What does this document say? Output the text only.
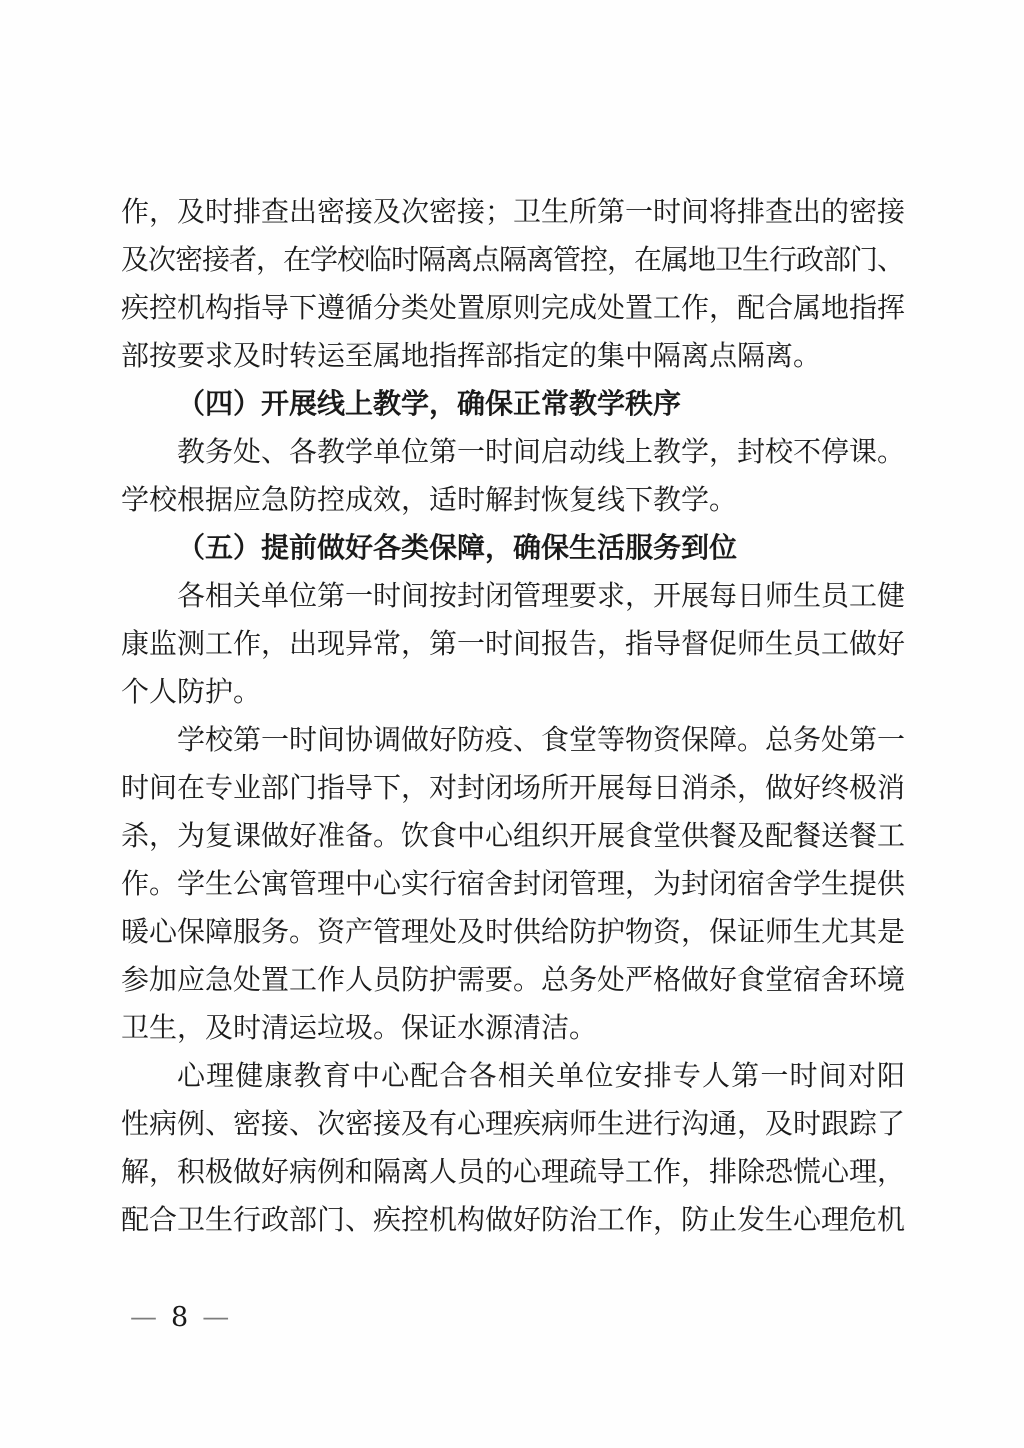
作，及时排查出密接及次密接；卫生所第一时间将排查出的密接
及次密接者，在学校临时隔离点隔离管控，在属地卫生行政部门、
疾控机构指导下遵循分类处置原则完成处置工作，配合属地指挥
部按要求及时转运至属地指挥部指定的集中隔离点隔离。
（四）开展线上教学，确保正常教学秩序
教务处、各教学单位第一时间启动线上教学，封校不停课。
学校根据应急防控成效，适时解封恢复线下教学。
（五）提前做好各类保障，确保生活服务到位
各相关单位第一时间按封闭管理要求，开展每日师生员工健
康监测工作，出现异常，第一时间报告，指导督促师生员工做好
个人防护。
学校第一时间协调做好防疫、食堂等物资保障。总务处第一
时间在专业部门指导下，对封闭场所开展每日消杀，做好终极消
杀，为复课做好准备。饮食中心组织开展食堂供餐及配餐送餐工
作。学生公寓管理中心实行宿舍封闭管理，为封闭宿舍学生提供
暖心保障服务。资产管理处及时供给防护物资，保证师生尤其是
参加应急处置工作人员防护需要。总务处严格做好食堂宿舍环境
卫生，及时清运垃圾。保证水源清洁。
心理健康教育中心配合各相关单位安排专人第一时间对阳
性病例、密接、次密接及有心理疾病师生进行沟通，及时跟踪了
解，积极做好病例和隔离人员的心理疏导工作，排除恐慌心理，
配合卫生行政部门、疾控机构做好防治工作，防止发生心理危机
— 8 —
